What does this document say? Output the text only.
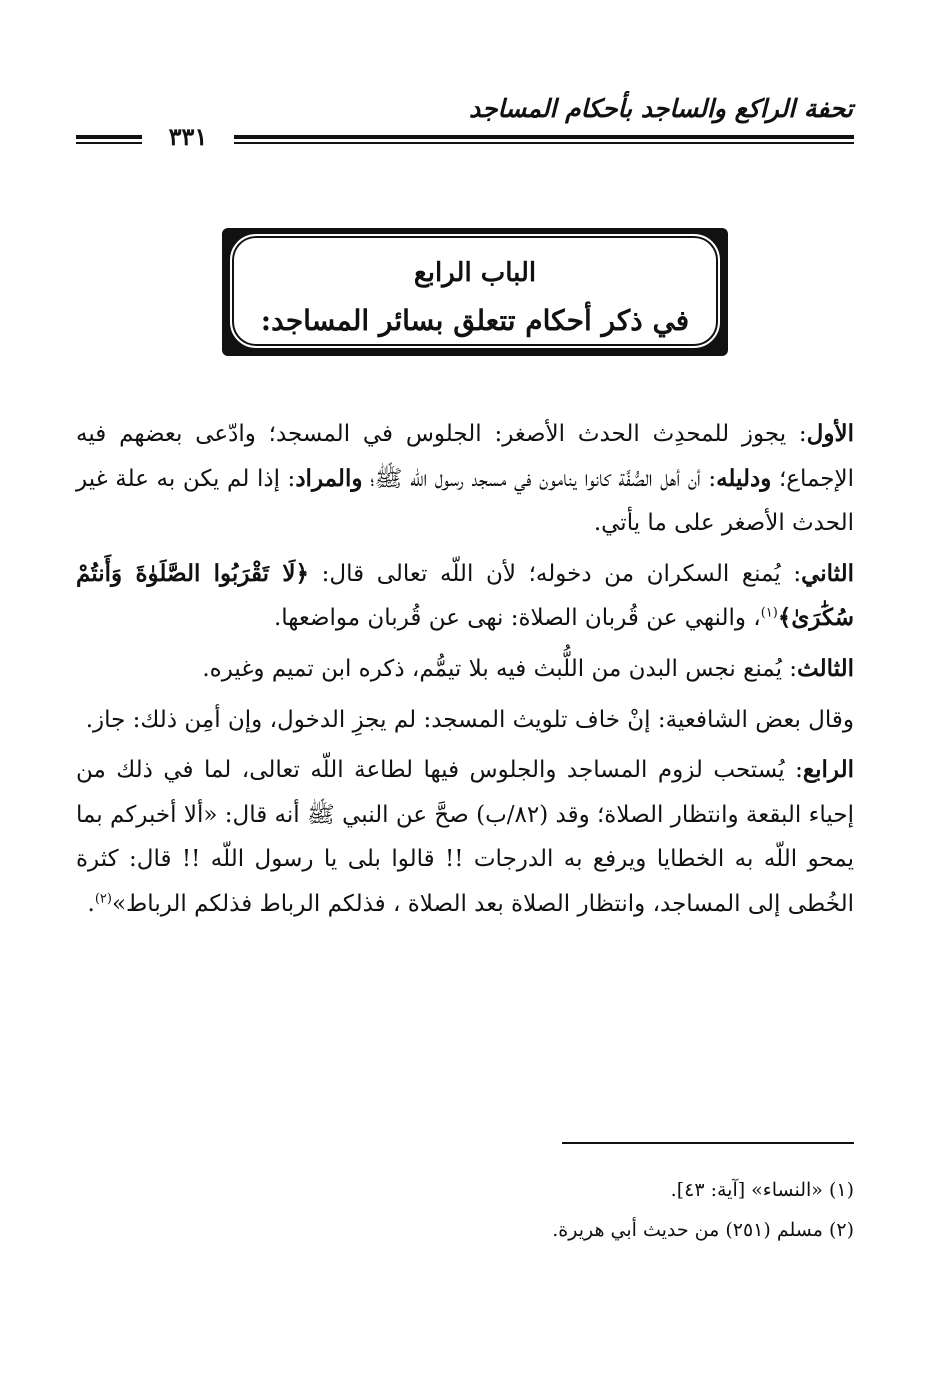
تحفة الراكع والساجد بأحكام المساجد
٣٣١
الباب الرابع
في ذكر أحكام تتعلق بسائر المساجد:

الأول: يجوز للمحدِث الحدث الأصغر: الجلوس في المسجد؛ وادّعى بعضهم فيه الإجماع؛ ودليله: أن أهل الصُّفَّة كانوا ينامون في مسجد رسول اللّه ﷺ؛ والمراد: إذا لم يكن به علة غير الحدث الأصغر على ما يأتي.

الثاني: يُمنع السكران من دخوله؛ لأن اللّه تعالى قال: ﴿لَا تَقْرَبُوا الصَّلَوٰةَ وَأَنتُمْ سُكَٰرَىٰ﴾$^{(١)}$، والنهي عن قُربان الصلاة: نهى عن قُربان مواضعها.

الثالث: يُمنع نجس البدن من اللُّبث فيه بلا تيمُّم، ذكره ابن تميم وغيره.

وقال بعض الشافعية: إنْ خاف تلويث المسجد: لم يجزِ الدخول، وإن أمِن ذلك: جاز.

الرابع: يُستحب لزوم المساجد والجلوس فيها لطاعة اللّه تعالى، لما في ذلك من إحياء البقعة وانتظار الصلاة؛ وقد (٨٢/ب) صحَّ عن النبي ﷺ أنه قال: «ألا أخبركم بما يمحو اللّه به الخطايا ويرفع به الدرجات !! قالوا بلى يا رسول اللّه !! قال: كثرة الخُطى إلى المساجد، وانتظار الصلاة بعد الصلاة ، فذلكم الرباط فذلكم الرباط»$^{(٢)}$.

(١) «النساء» [آية: ٤٣].
(٢) مسلم (٢٥١) من حديث أبي هريرة.
